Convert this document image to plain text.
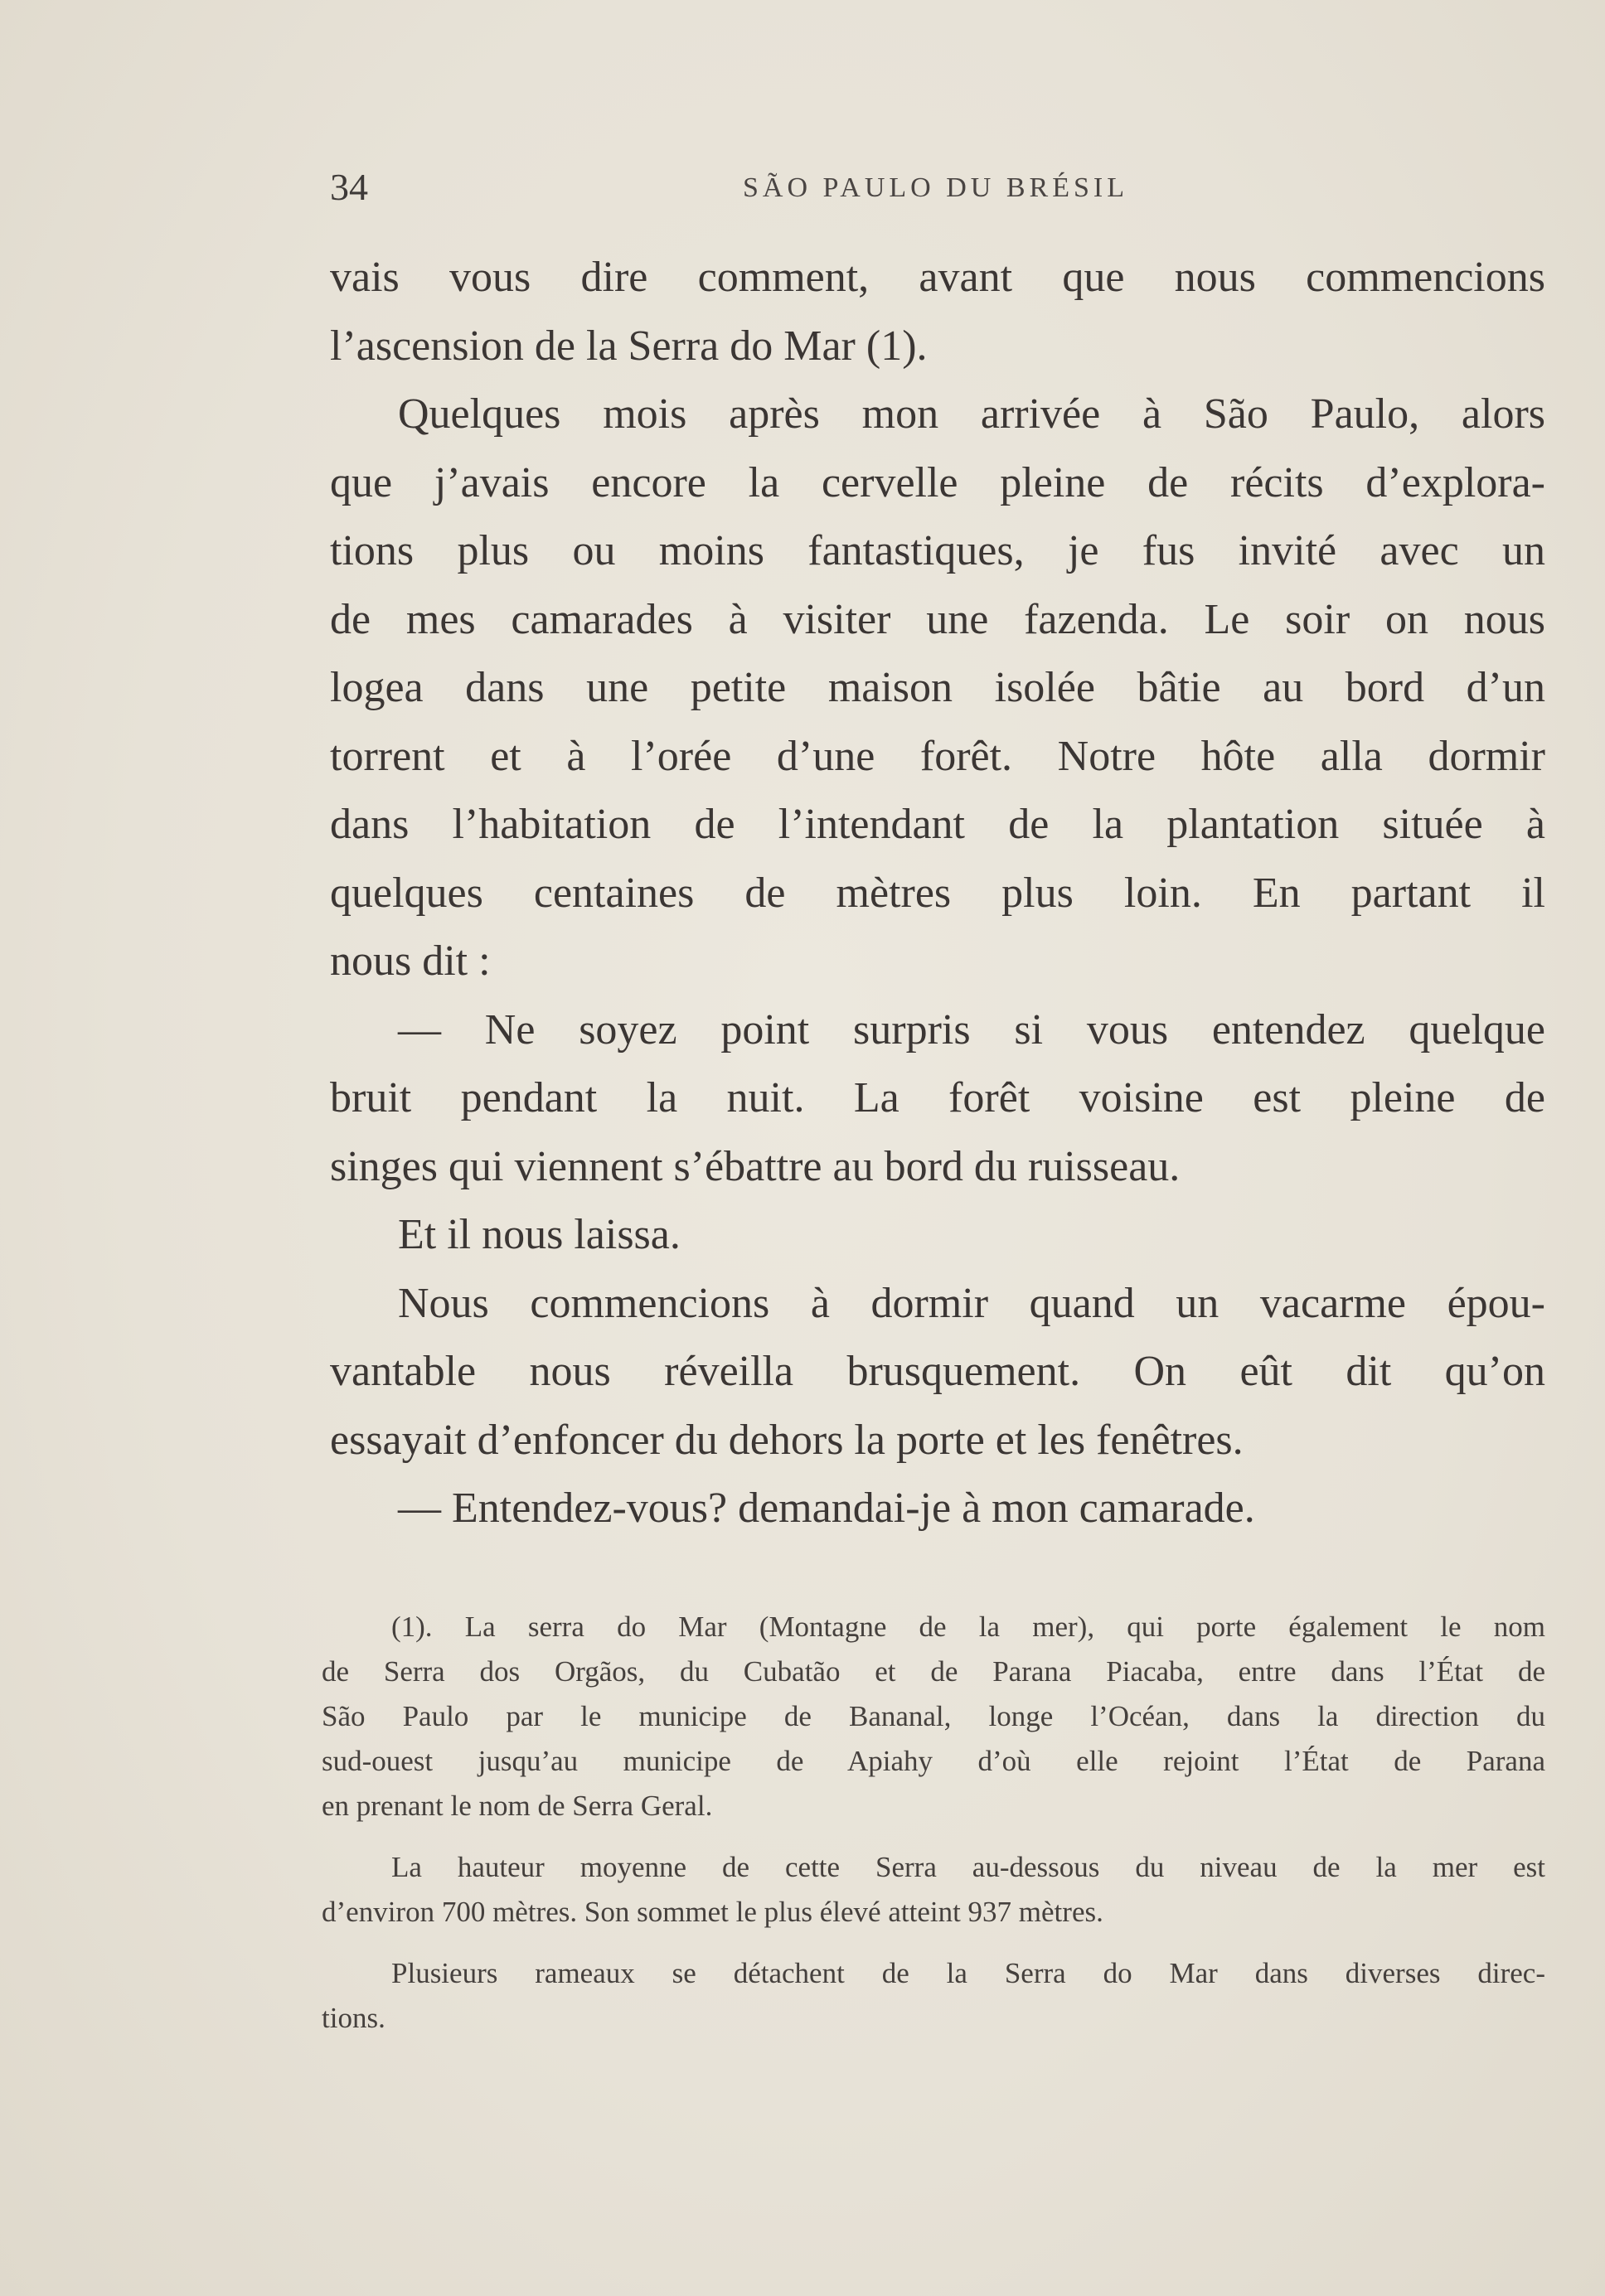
34	SÃO PAULO DU BRÉSIL
vais vous dire comment, avant que nous commencions
l’ascension de la Serra do Mar (1).
Quelques mois après mon arrivée à São Paulo, alors
que j’avais encore la cervelle pleine de récits d’explora-
tions plus ou moins fantastiques, je fus invité avec un
de mes camarades à visiter une fazenda. Le soir on nous
logea dans une petite maison isolée bâtie au bord d’un
torrent et à l’orée d’une forêt. Notre hôte alla dormir
dans l’habitation de l’intendant de la plantation située à
quelques centaines de mètres plus loin. En partant il
nous dit :
— Ne soyez point surpris si vous entendez quelque
bruit pendant la nuit. La forêt voisine est pleine de
singes qui viennent s’ébattre au bord du ruisseau.
Et il nous laissa.
Nous commencions à dormir quand un vacarme épou-
vantable nous réveilla brusquement. On eût dit qu’on
essayait d’enfoncer du dehors la porte et les fenêtres.
— Entendez-vous? demandai-je à mon camarade.
(1). La serra do Mar (Montagne de la mer), qui porte également le nom
de Serra dos Orgãos, du Cubatão et de Parana Piacaba, entre dans l’État de
São Paulo par le municipe de Bananal, longe l’Océan, dans la direction du
sud-ouest jusqu’au municipe de Apiahy d’où elle rejoint l’État de Parana
en prenant le nom de Serra Geral.
La hauteur moyenne de cette Serra au-dessous du niveau de la mer est
d’environ 700 mètres. Son sommet le plus élevé atteint 937 mètres.
Plusieurs rameaux se détachent de la Serra do Mar dans diverses direc-
tions.
